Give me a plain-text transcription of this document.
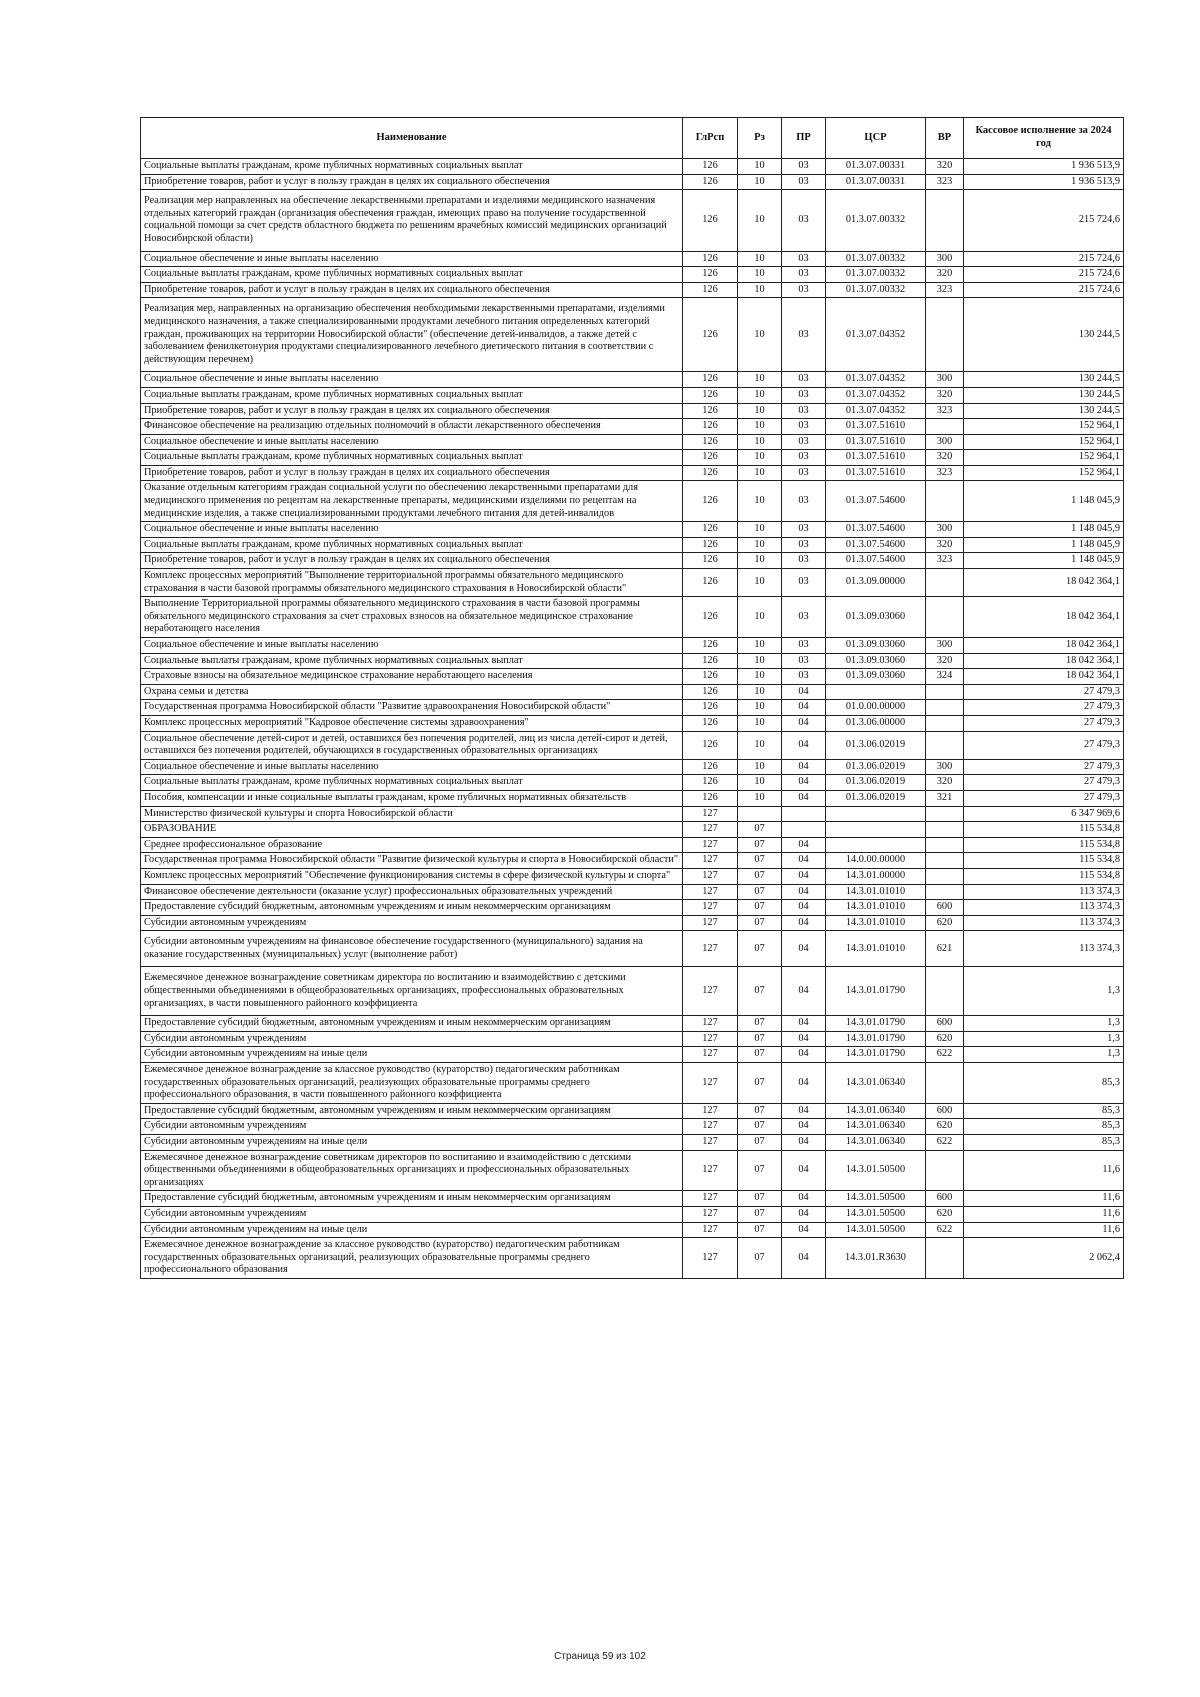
Наименование	ГлРсп	Рз	ПР	ЦСР	ВР	Кассовое исполнение за 2024 год
Социальные выплаты гражданам, кроме публичных нормативных социальных выплат	126	10	03	01.3.07.00331	320	1 936 513,9
Приобретение товаров, работ и услуг в пользу граждан в целях их социального обеспечения	126	10	03	01.3.07.00331	323	1 936 513,9
Реализация мер направленных на обеспечение лекарственными препаратами и изделиями медицинского назначения отдельных категорий граждан (организация обеспечения граждан, имеющих право на получение государственной социальной помощи за счет средств областного бюджета по решениям врачебных комиссий медицинских организаций Новосибирской области)	126	10	03	01.3.07.00332		215 724,6
Социальное обеспечение и иные выплаты населению	126	10	03	01.3.07.00332	300	215 724,6
Социальные выплаты гражданам, кроме публичных нормативных социальных выплат	126	10	03	01.3.07.00332	320	215 724,6
Приобретение товаров, работ и услуг в пользу граждан в целях их социального обеспечения	126	10	03	01.3.07.00332	323	215 724,6
Реализация мер, направленных на организацию обеспечения необходимыми лекарственными препаратами, изделиями медицинского назначения, а также специализированными продуктами лечебного питания определенных категорий граждан, проживающих на территории Новосибирской области" (обеспечение детей-инвалидов, а также детей с заболеванием фенилкетонурия продуктами специализированного лечебного диетического питания в соответствии с действующим перечнем)	126	10	03	01.3.07.04352		130 244,5
Социальное обеспечение и иные выплаты населению	126	10	03	01.3.07.04352	300	130 244,5
Социальные выплаты гражданам, кроме публичных нормативных социальных выплат	126	10	03	01.3.07.04352	320	130 244,5
Приобретение товаров, работ и услуг в пользу граждан в целях их социального обеспечения	126	10	03	01.3.07.04352	323	130 244,5
Финансовое обеспечение на реализацию отдельных полномочий в области лекарственного обеспечения	126	10	03	01.3.07.51610		152 964,1
Социальное обеспечение и иные выплаты населению	126	10	03	01.3.07.51610	300	152 964,1
Социальные выплаты гражданам, кроме публичных нормативных социальных выплат	126	10	03	01.3.07.51610	320	152 964,1
Приобретение товаров, работ и услуг в пользу граждан в целях их социального обеспечения	126	10	03	01.3.07.51610	323	152 964,1
Оказание отдельным категориям граждан социальной услуги по обеспечению лекарственными препаратами для медицинского применения по рецептам на лекарственные препараты, медицинскими изделиями по рецептам на медицинские изделия, а также специализированными продуктами лечебного питания для детей-инвалидов	126	10	03	01.3.07.54600		1 148 045,9
Социальное обеспечение и иные выплаты населению	126	10	03	01.3.07.54600	300	1 148 045,9
Социальные выплаты гражданам, кроме публичных нормативных социальных выплат	126	10	03	01.3.07.54600	320	1 148 045,9
Приобретение товаров, работ и услуг в пользу граждан в целях их социального обеспечения	126	10	03	01.3.07.54600	323	1 148 045,9
Комплекс процессных мероприятий "Выполнение территориальной программы обязательного медицинского страхования в части базовой программы обязательного медицинского страхования в Новосибирской области"	126	10	03	01.3.09.00000		18 042 364,1
Выполнение Территориальной программы обязательного медицинского страхования в части базовой программы обязательного медицинского страхования за счет страховых взносов на обязательное медицинское страхование неработающего населения	126	10	03	01.3.09.03060		18 042 364,1
Социальное обеспечение и иные выплаты населению	126	10	03	01.3.09.03060	300	18 042 364,1
Социальные выплаты гражданам, кроме публичных нормативных социальных выплат	126	10	03	01.3.09.03060	320	18 042 364,1
Страховые взносы на обязательное медицинское страхование неработающего населения	126	10	03	01.3.09.03060	324	18 042 364,1
Охрана семьи и детства	126	10	04			27 479,3
Государственная программа Новосибирской области "Развитие здравоохранения Новосибирской области"	126	10	04	01.0.00.00000		27 479,3
Комплекс процессных мероприятий "Кадровое обеспечение системы здравоохранения"	126	10	04	01.3.06.00000		27 479,3
Социальное обеспечение детей-сирот и детей, оставшихся без попечения родителей, лиц из числа детей-сирот и детей, оставшихся без попечения родителей, обучающихся в государственных образовательных организациях	126	10	04	01.3.06.02019		27 479,3
Социальное обеспечение и иные выплаты населению	126	10	04	01.3.06.02019	300	27 479,3
Социальные выплаты гражданам, кроме публичных нормативных социальных выплат	126	10	04	01.3.06.02019	320	27 479,3
Пособия, компенсации и иные социальные выплаты гражданам, кроме публичных нормативных обязательств	126	10	04	01.3.06.02019	321	27 479,3
Министерство физической культуры и спорта Новосибирской области	127					6 347 969,6
ОБРАЗОВАНИЕ	127	07				115 534,8
Среднее профессиональное образование	127	07	04			115 534,8
Государственная программа Новосибирской области "Развитие физической культуры и спорта в Новосибирской области"	127	07	04	14.0.00.00000		115 534,8
Комплекс процессных мероприятий "Обеспечение функционирования системы в сфере физической культуры и спорта"	127	07	04	14.3.01.00000		115 534,8
Финансовое обеспечение деятельности (оказание услуг) профессиональных образовательных учреждений	127	07	04	14.3.01.01010		113 374,3
Предоставление субсидий бюджетным, автономным учреждениям и иным некоммерческим организациям	127	07	04	14.3.01.01010	600	113 374,3
Субсидии автономным учреждениям	127	07	04	14.3.01.01010	620	113 374,3
Субсидии автономным учреждениям на финансовое обеспечение государственного (муниципального) задания на оказание государственных (муниципальных) услуг (выполнение работ)	127	07	04	14.3.01.01010	621	113 374,3
Ежемесячное денежное вознаграждение советникам директора по воспитанию и взаимодействию с детскими общественными объединениями в общеобразовательных организациях, профессиональных образовательных организациях, в части повышенного районного коэффициента	127	07	04	14.3.01.01790		1,3
Предоставление субсидий бюджетным, автономным учреждениям и иным некоммерческим организациям	127	07	04	14.3.01.01790	600	1,3
Субсидии автономным учреждениям	127	07	04	14.3.01.01790	620	1,3
Субсидии автономным учреждениям на иные цели	127	07	04	14.3.01.01790	622	1,3
Ежемесячное денежное вознаграждение за классное руководство (кураторство) педагогическим работникам государственных образовательных организаций, реализующих образовательные программы среднего профессионального образования, в части повышенного районного коэффициента	127	07	04	14.3.01.06340		85,3
Предоставление субсидий бюджетным, автономным учреждениям и иным некоммерческим организациям	127	07	04	14.3.01.06340	600	85,3
Субсидии автономным учреждениям	127	07	04	14.3.01.06340	620	85,3
Субсидии автономным учреждениям на иные цели	127	07	04	14.3.01.06340	622	85,3
Ежемесячное денежное вознаграждение советникам директоров по воспитанию и взаимодействию с детскими общественными объединениями в общеобразовательных организациях и профессиональных образовательных организациях	127	07	04	14.3.01.50500		11,6
Предоставление субсидий бюджетным, автономным учреждениям и иным некоммерческим организациям	127	07	04	14.3.01.50500	600	11,6
Субсидии автономным учреждениям	127	07	04	14.3.01.50500	620	11,6
Субсидии автономным учреждениям на иные цели	127	07	04	14.3.01.50500	622	11,6
Ежемесячное денежное вознаграждение за классное руководство (кураторство) педагогическим работникам государственных образовательных организаций, реализующих образовательные программы среднего профессионального образования	127	07	04	14.3.01.R3630		2 062,4
Страница 59 из 102
